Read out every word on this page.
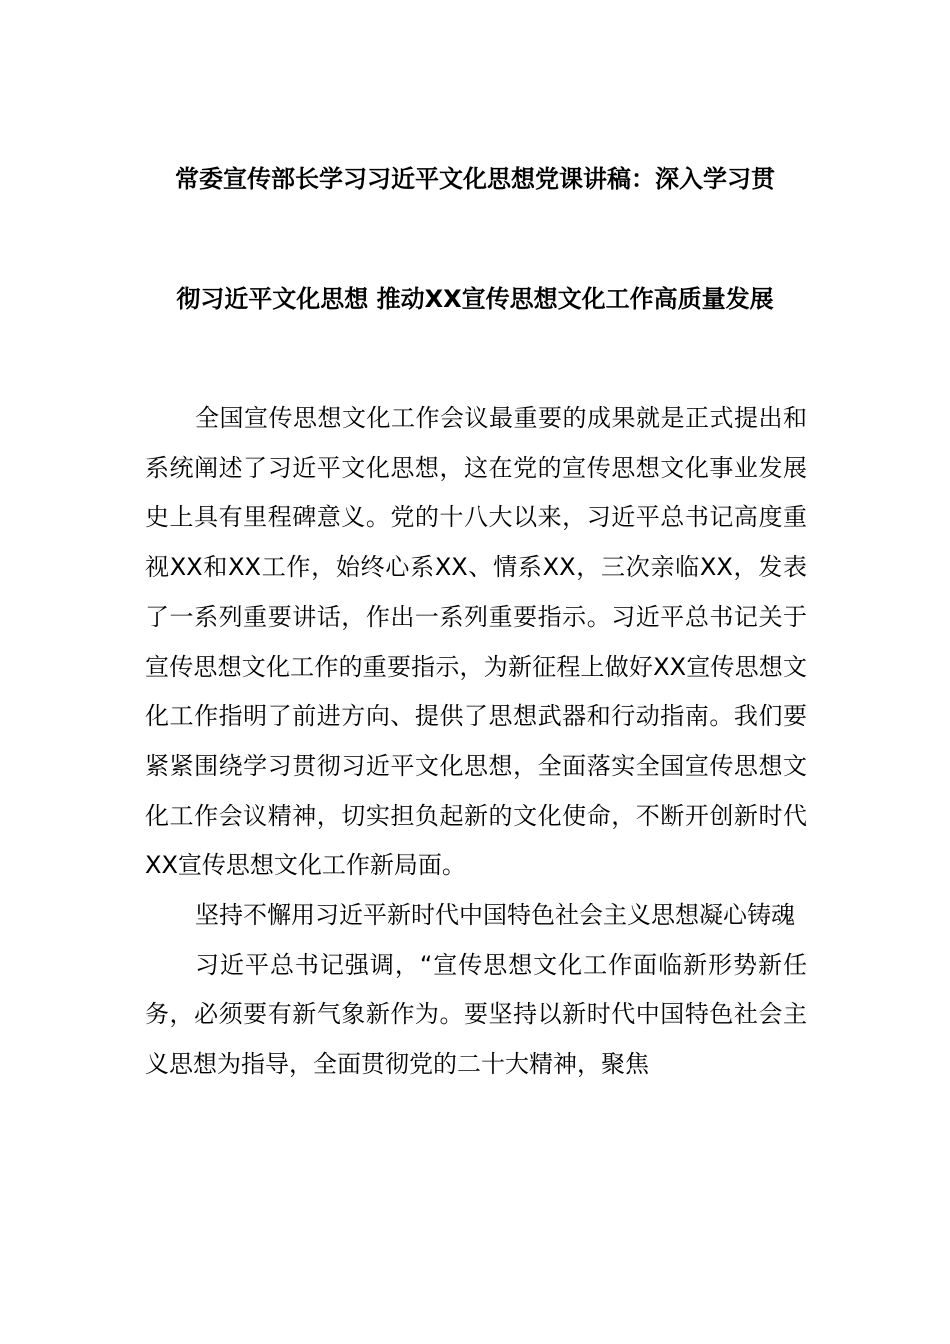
常委宣传部长学习习近平文化思想党课讲稿：深入学习贯
彻习近平文化思想 推动XX宣传思想文化工作高质量发展

全国宣传思想文化工作会议最重要的成果就是正式提出和系统阐述了习近平文化思想，这在党的宣传思想文化事业发展史上具有里程碑意义。党的十八大以来，习近平总书记高度重视XX和XX工作，始终心系XX、情系XX，三次亲临XX，发表了一系列重要讲话，作出一系列重要指示。习近平总书记关于宣传思想文化工作的重要指示，为新征程上做好XX宣传思想文化工作指明了前进方向、提供了思想武器和行动指南。我们要紧紧围绕学习贯彻习近平文化思想，全面落实全国宣传思想文化工作会议精神，切实担负起新的文化使命，不断开创新时代XX宣传思想文化工作新局面。

坚持不懈用习近平新时代中国特色社会主义思想凝心铸魂

习近平总书记强调，“宣传思想文化工作面临新形势新任务，必须要有新气象新作为。要坚持以新时代中国特色社会主义思想为指导，全面贯彻党的二十大精神，聚焦
